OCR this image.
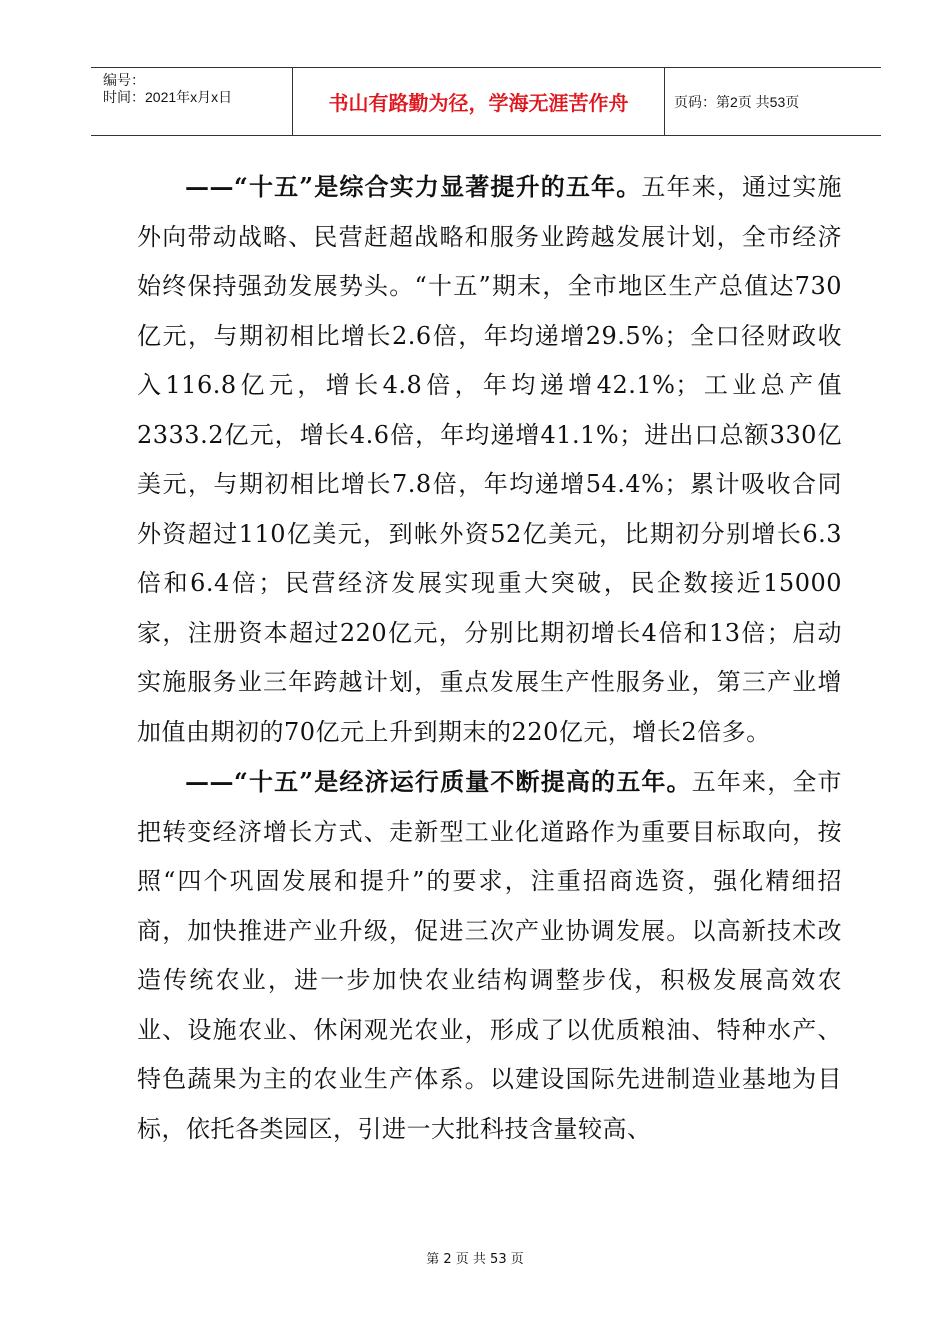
编号：
时间：2021年x月x日	书山有路勤为径，学海无涯苦作舟	页码：第2页 共53页

——“十五”是综合实力显著提升的五年。五年来，通过实施外向带动战略、民营赶超战略和服务业跨越发展计划，全市经济始终保持强劲发展势头。“十五”期末，全市地区生产总值达730亿元，与期初相比增长2.6倍，年均递增29.5%；全口径财政收入116.8亿元，增长4.8倍，年均递增42.1%；工业总产值2333.2亿元，增长4.6倍，年均递增41.1%；进出口总额330亿美元，与期初相比增长7.8倍，年均递增54.4%；累计吸收合同外资超过110亿美元，到帐外资52亿美元，比期初分别增长6.3倍和6.4倍；民营经济发展实现重大突破，民企数接近15000家，注册资本超过220亿元，分别比期初增长4倍和13倍；启动实施服务业三年跨越计划，重点发展生产性服务业，第三产业增加值由期初的70亿元上升到期末的220亿元，增长2倍多。

——“十五”是经济运行质量不断提高的五年。五年来，全市把转变经济增长方式、走新型工业化道路作为重要目标取向，按照“四个巩固发展和提升”的要求，注重招商选资，强化精细招商，加快推进产业升级，促进三次产业协调发展。以高新技术改造传统农业，进一步加快农业结构调整步伐，积极发展高效农业、设施农业、休闲观光农业，形成了以优质粮油、特种水产、特色蔬果为主的农业生产体系。以建设国际先进制造业基地为目标，依托各类园区，引进一大批科技含量较高、

第 2 页 共 53 页
